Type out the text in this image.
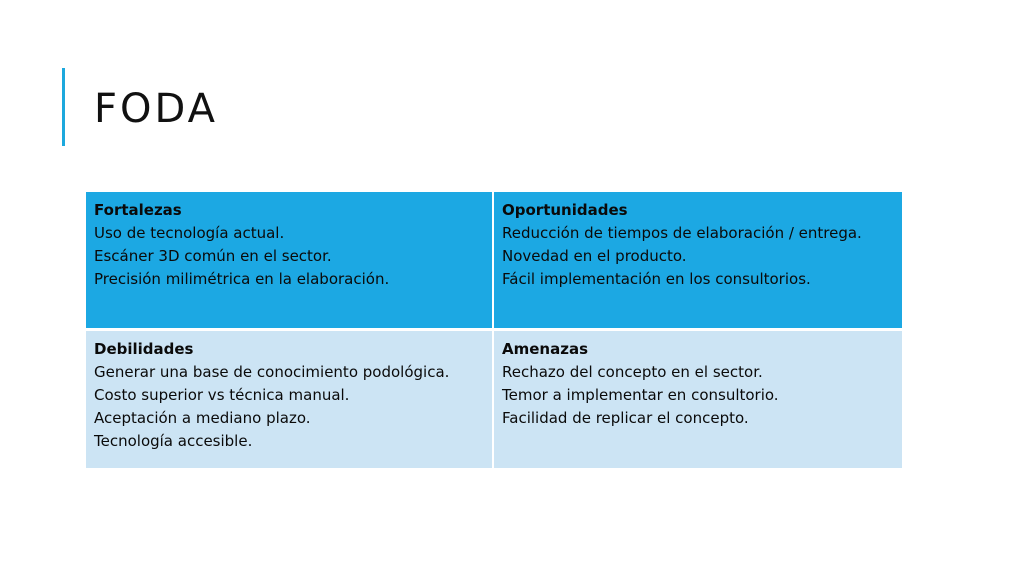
FODA
Fortalezas
Uso de tecnología actual.
Escáner 3D común en el sector.
Precisión milimétrica en la elaboración.
Oportunidades
Reducción de tiempos de elaboración / entrega.
Novedad en el producto.
Fácil implementación en los consultorios.
Debilidades
Generar una base de conocimiento podológica.
Costo superior vs técnica manual.
Aceptación a mediano plazo.
Tecnología accesible.
Amenazas
Rechazo del concepto en el sector.
Temor a implementar en consultorio.
Facilidad de replicar el concepto.
